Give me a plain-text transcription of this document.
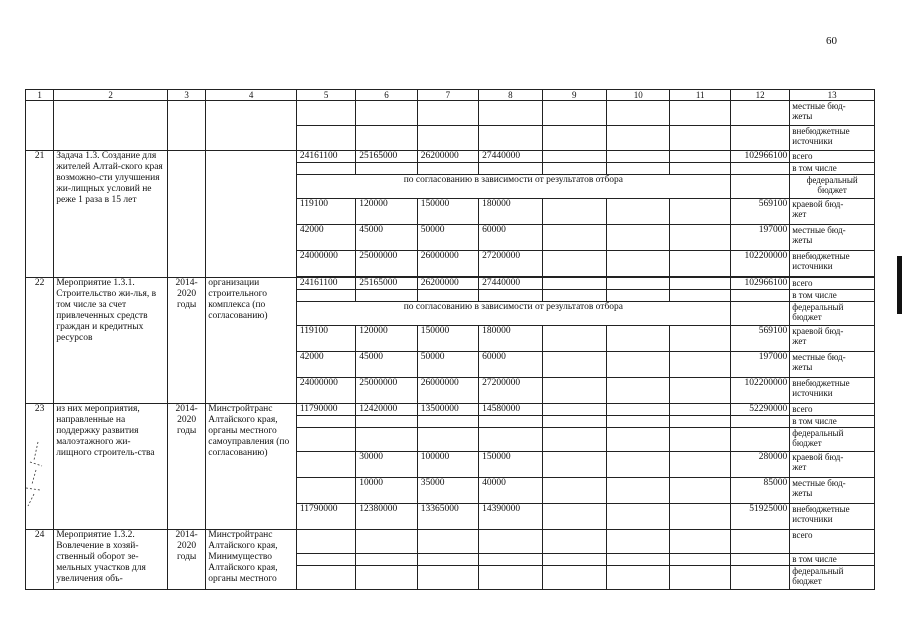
60
1	2	3	4	5	6	7	8	9	10	11	12	13
												местные бюд-
жеты
												внебюджетные
источники
21	Задача 1.3. Создание для жителей Алтай-ского края возможно-сти улучшения жи-лищных условий не реже 1 раза в 15 лет			24161100	25165000	26200000	27440000				102966100	всего
												в том числе
				по согласованию в зависимости от результатов отбора								федеральный
бюджет
				119100	120000	150000	180000				569100	краевой бюд-
жет
				42000	45000	50000	60000				197000	местные бюд-
жеты
				24000000	25000000	26000000	27200000				102200000	внебюджетные
источники

22	Мероприятие 1.3.1. Строительство жи-лья, в том числе за счет привлеченных средств граждан и кредитных ресурсов	2014-
2020
годы	организации строительного комплекса (по согласованию)	24161100	25165000	26200000	27440000				102966100	всего
												в том числе
				по согласованию в зависимости от результатов отбора								федеральный
бюджет
				119100	120000	150000	180000				569100	краевой бюд-
жет
				42000	45000	50000	60000				197000	местные бюд-
жеты
				24000000	25000000	26000000	27200000				102200000	внебюджетные
источники
23	из них мероприятия, направленные на поддержку развития малоэтажного жи-лищного строитель-ства	2014-
2020
годы	Минстройтранс Алтайского края, органы местного самоуправления (по согласованию)	11790000	12420000	13500000	14580000				52290000	всего
												в том числе
												федеральный
бюджет
					30000	100000	150000				280000	краевой бюд-
жет
					10000	35000	40000				85000	местные бюд-
жеты
				11790000	12380000	13365000	14390000				51925000	внебюджетные
источники
24	Мероприятие 1.3.2. Вовлечение в хозяй-ственный оборот зе-мельных участков для увеличения объ-	2014-
2020
годы	Минстройтранс Алтайского края, Минимущество Алтайского края, органы местного									всего
												в том числе
												федеральный
бюджет
